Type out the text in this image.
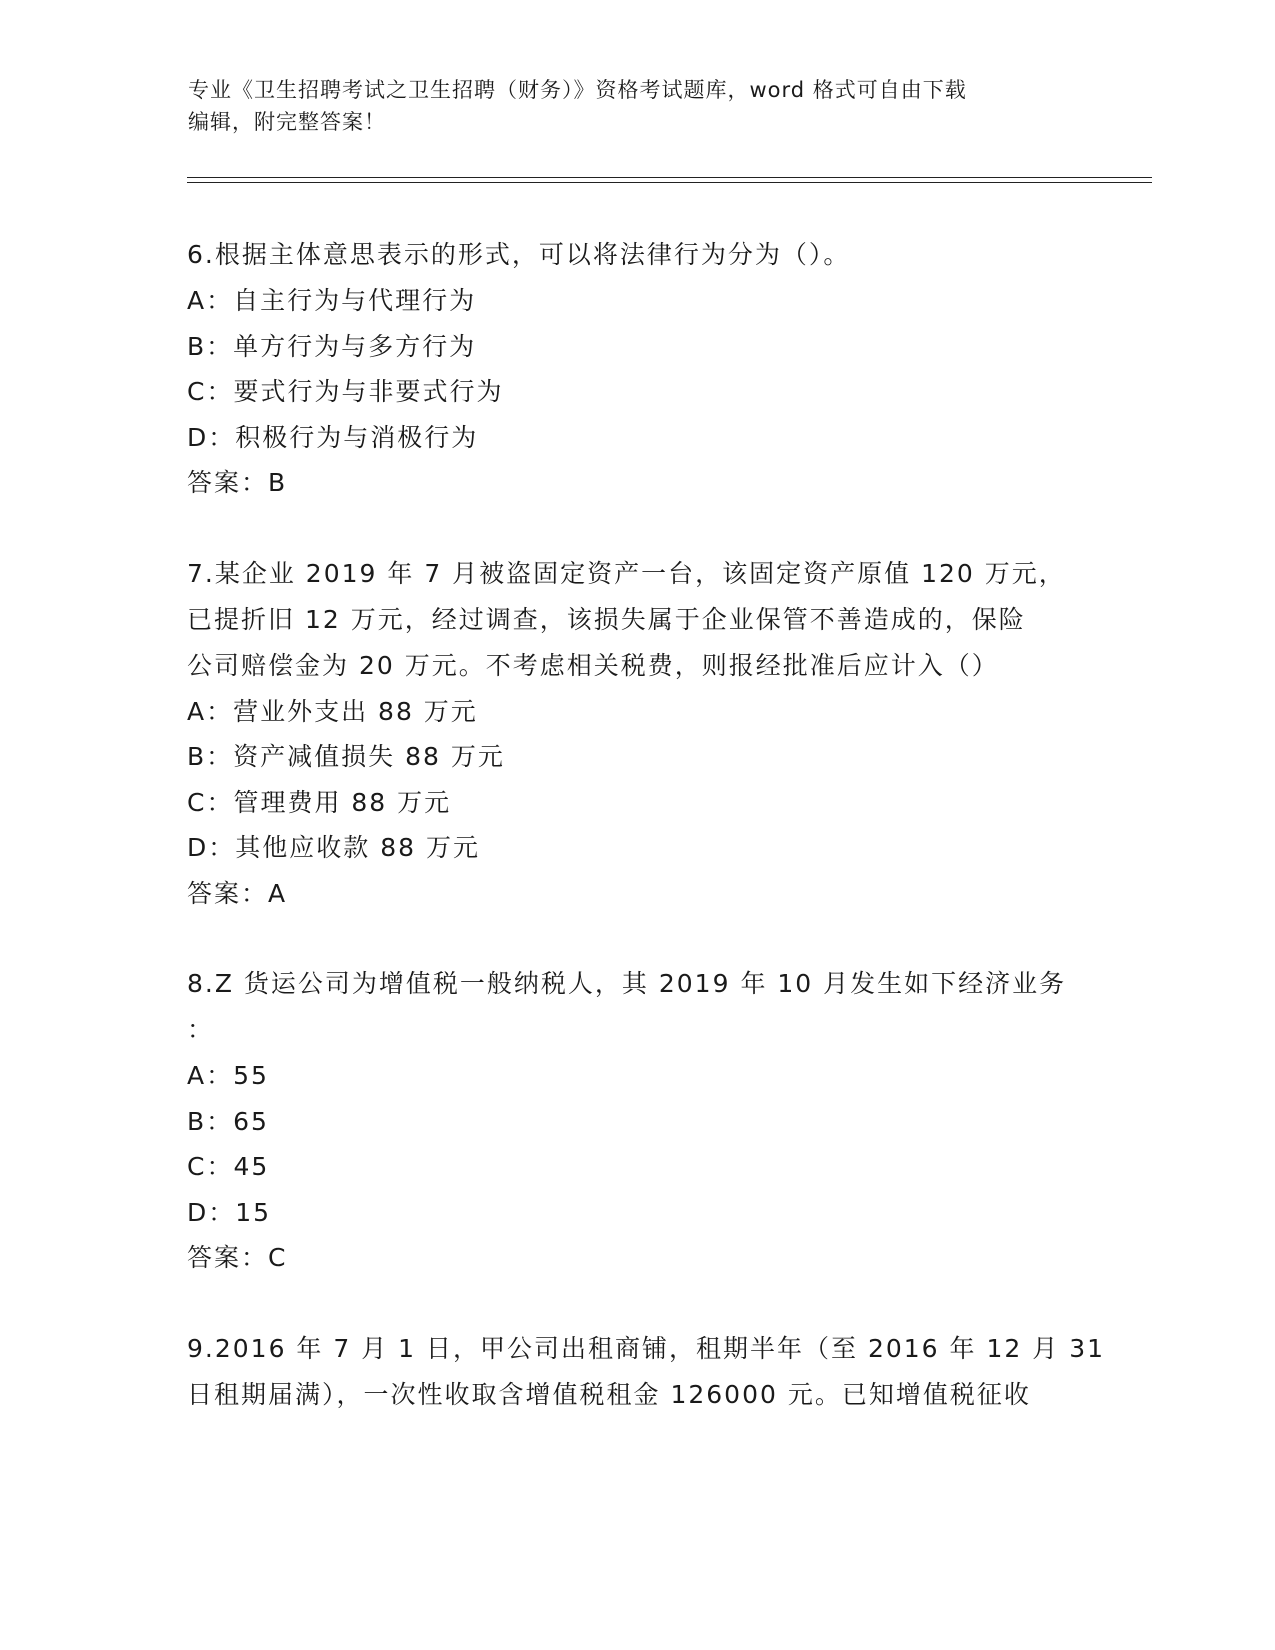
专业《卫生招聘考试之卫生招聘（财务）》资格考试题库，word 格式可自由下载
编辑，附完整答案！
6.根据主体意思表示的形式，可以将法律行为分为（）。
A：自主行为与代理行为
B：单方行为与多方行为
C：要式行为与非要式行为
D：积极行为与消极行为
答案：B
7.某企业 2019 年 7 月被盗固定资产一台，该固定资产原值 120 万元，
已提折旧 12 万元，经过调查，该损失属于企业保管不善造成的，保险
公司赔偿金为 20 万元。不考虑相关税费，则报经批准后应计入（）
A：营业外支出 88 万元
B：资产减值损失 88 万元
C：管理费用 88 万元
D：其他应收款 88 万元
答案：A
8.Z 货运公司为增值税一般纳税人，其 2019 年 10 月发生如下经济业务
：
A：55
B：65
C：45
D：15
答案：C
9.2016 年 7 月 1 日，甲公司出租商铺，租期半年（至 2016 年 12 月 31
日租期届满），一次性收取含增值税租金 126000 元。已知增值税征收
